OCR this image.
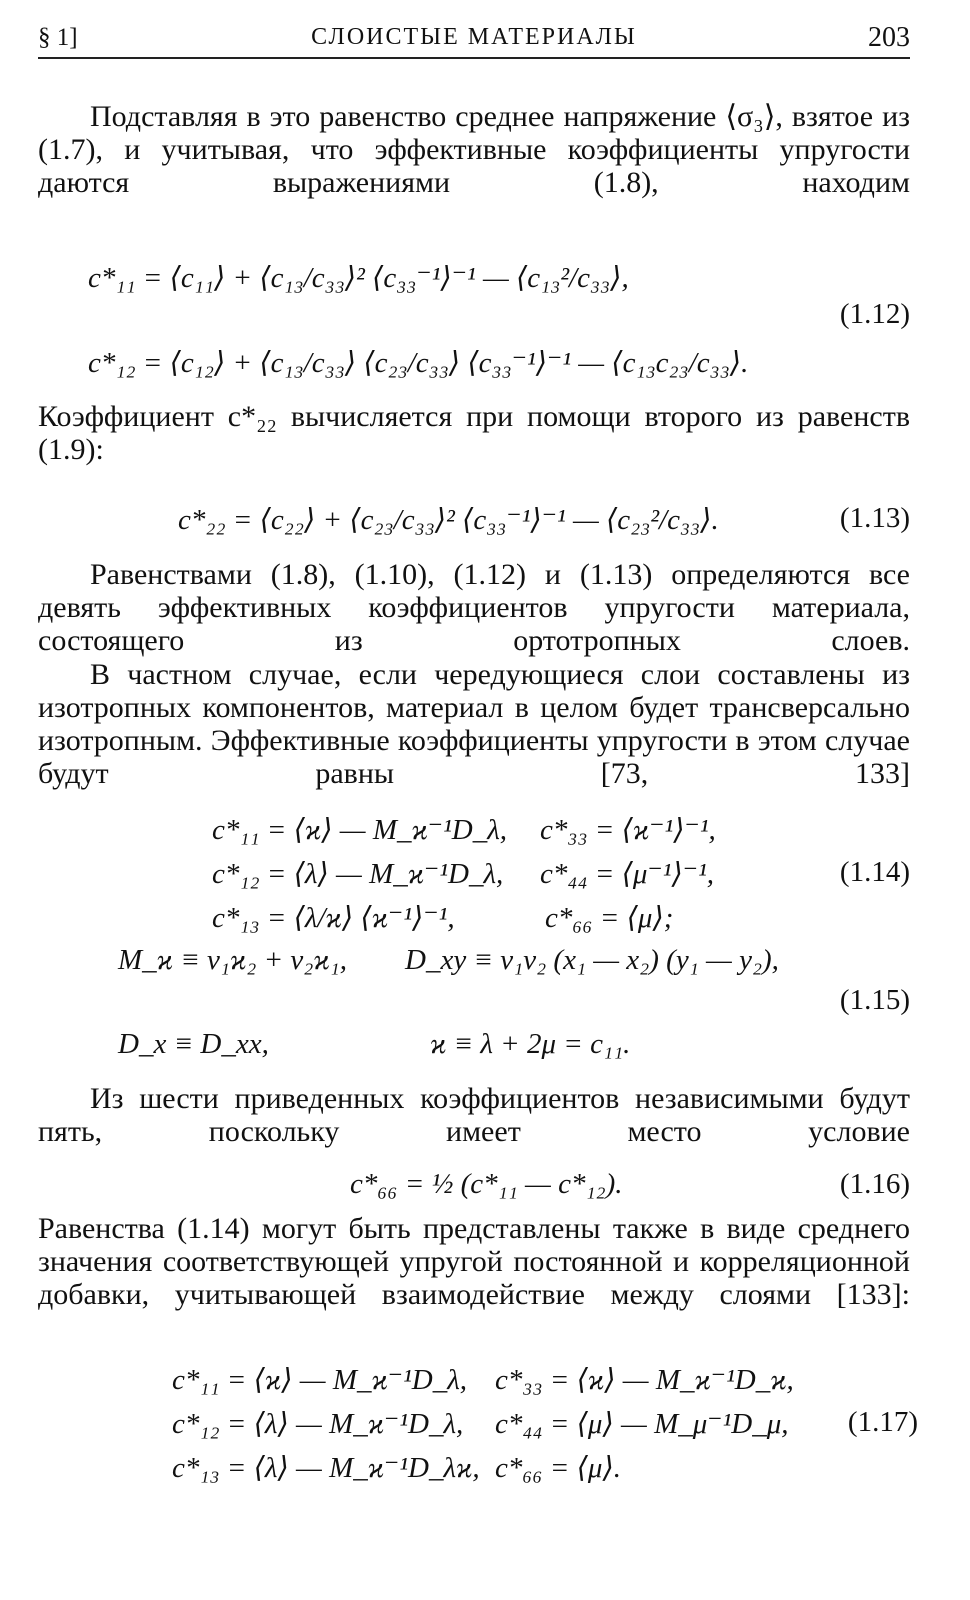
§ 1]	СЛОИСТЫЕ МАТЕРИАЛЫ	203
Подставляя в это равенство среднее напряжение ⟨σ₃⟩, взятое из (1.7), и учитывая, что эффективные коэффициенты упругости даются выражениями (1.8), находим
c*₁₁ = ⟨c₁₁⟩ + ⟨c₁₃/c₃₃⟩² ⟨c₃₃⁻¹⟩⁻¹ — ⟨c₁₃²/c₃₃⟩,
(1.12)
c*₁₂ = ⟨c₁₂⟩ + ⟨c₁₃/c₃₃⟩ ⟨c₂₃/c₃₃⟩ ⟨c₃₃⁻¹⟩⁻¹ — ⟨c₁₃c₂₃/c₃₃⟩.
Коэффициент c*₂₂ вычисляется при помощи второго из равенств (1.9):
c*₂₂ = ⟨c₂₂⟩ + ⟨c₂₃/c₃₃⟩² ⟨c₃₃⁻¹⟩⁻¹ — ⟨c₂₃²/c₃₃⟩.	(1.13)
Равенствами (1.8), (1.10), (1.12) и (1.13) определяются все девять эффективных коэффициентов упругости материала, состоящего из ортотропных слоев.
В частном случае, если чередующиеся слои составлены из изотропных компонентов, материал в целом будет трансверсально изотропным. Эффективные коэффициенты упругости в этом случае будут равны [73, 133]
c*₁₁ = ⟨ϰ⟩ — M_ϰ⁻¹D_λ, c*₃₃ = ⟨ϰ⁻¹⟩⁻¹,
c*₁₂ = ⟨λ⟩ — M_ϰ⁻¹D_λ, c*₄₄ = ⟨μ⁻¹⟩⁻¹,	(1.14)
c*₁₃ = ⟨λ/ϰ⟩ ⟨ϰ⁻¹⟩⁻¹,	c*₆₆ = ⟨μ⟩;
M_ϰ ≡ v₁ϰ₂ + v₂ϰ₁, D_xy ≡ v₁v₂ (x₁ — x₂) (y₁ — y₂),
(1.15)
D_x ≡ D_xx,	ϰ ≡ λ + 2μ = c₁₁.
Из шести приведенных коэффициентов независимыми будут пять, поскольку имеет место условие
c*₆₆ = ½ (c*₁₁ — c*₁₂).	(1.16)
Равенства (1.14) могут быть представлены также в виде среднего значения соответствующей упругой постоянной и корреляционной добавки, учитывающей взаимодействие между слоями [133]:
c*₁₁ = ⟨ϰ⟩ — M_ϰ⁻¹D_λ, c*₃₃ = ⟨ϰ⟩ — M_ϰ⁻¹D_ϰ,
c*₁₂ = ⟨λ⟩ — M_ϰ⁻¹D_λ, c*₄₄ = ⟨μ⟩ — M_μ⁻¹D_μ, (1.17)
c*₁₃ = ⟨λ⟩ — M_ϰ⁻¹D_λϰ, c*₆₆ = ⟨μ⟩.
